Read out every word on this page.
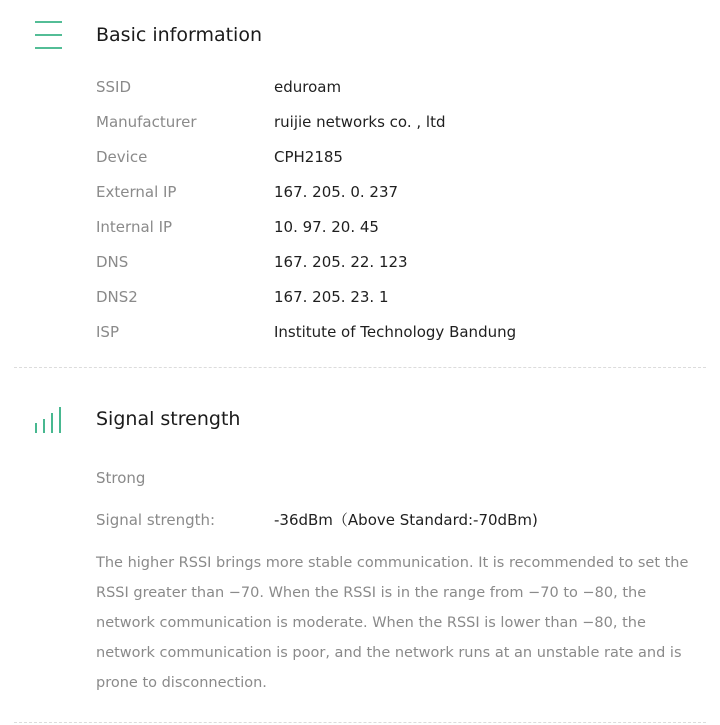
Basic information
SSID	eduroam
Manufacturer	ruijie networks co. , ltd
Device	CPH2185
External IP	167. 205. 0. 237
Internal IP	10. 97. 20. 45
DNS	167. 205. 22. 123
DNS2	167. 205. 23. 1
ISP	Institute of Technology Bandung
Signal strength
Strong
Signal strength:	-36dBm（Above Standard:-70dBm)
The higher RSSI brings more stable communication. It is recommended to set the RSSI greater than −70. When the RSSI is in the range from −70 to −80, the network communication is moderate. When the RSSI is lower than −80, the network communication is poor, and the network runs at an unstable rate and is prone to disconnection.
